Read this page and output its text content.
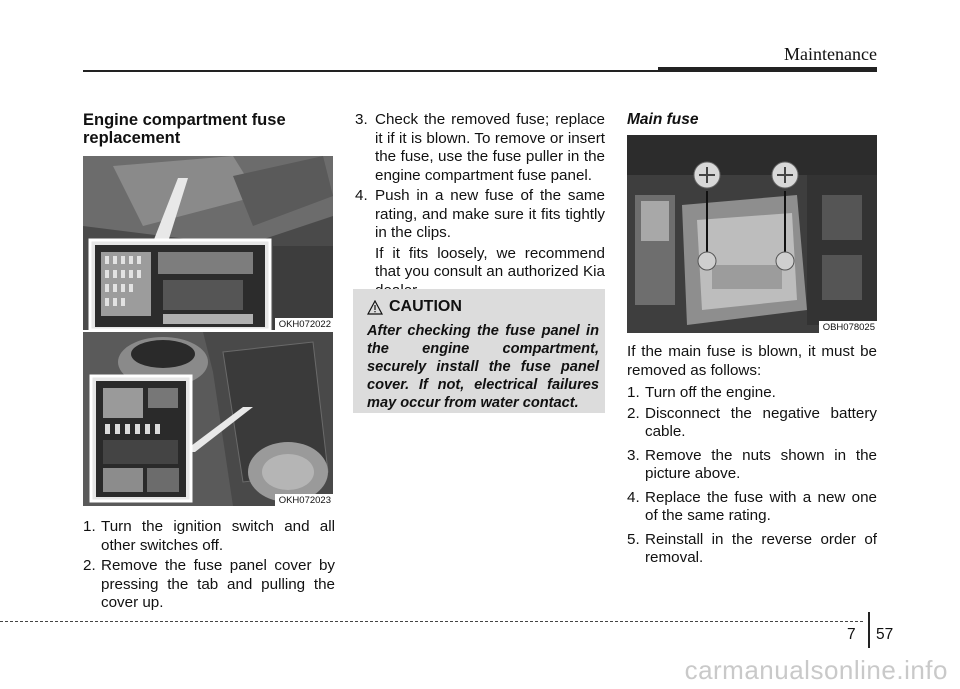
Maintenance
Engine compartment fuse replacement
OKH072022
OKH072023
1. Turn the ignition switch and all other switches off.
2. Remove the fuse panel cover by pressing the tab and pulling the cover up.
3. Check the removed fuse; replace it if it is blown. To remove or insert the fuse, use the fuse puller in the engine compartment fuse panel.
4. Push in a new fuse of the same rating, and make sure it fits tightly in the clips.
If it fits loosely, we recommend that you consult an authorized Kia
CAUTION
After checking the fuse panel in the engine compartment, securely install the fuse panel cover. If not, electrical failures may occur from water contact.
Main fuse
OBH078025
If the main fuse is blown, it must be removed as follows:
1. Turn off the engine.
2. Disconnect the negative battery cable.
3. Remove the nuts shown in the picture above.
4. Replace the fuse with a new one of the same rating.
5. Reinstall in the reverse order of removal.
7 57
carmanualsonline.info
